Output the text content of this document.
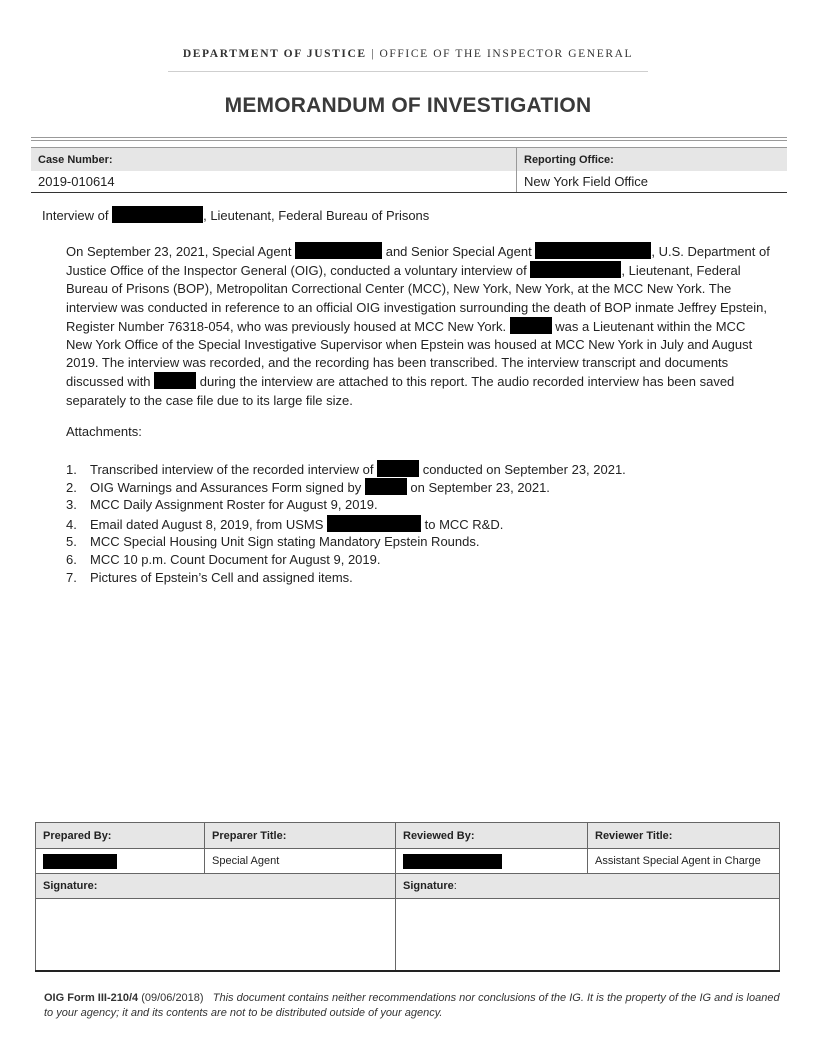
DEPARTMENT OF JUSTICE | OFFICE OF THE INSPECTOR GENERAL
MEMORANDUM OF INVESTIGATION
Case Number:	Reporting Office:
2019-010614	New York Field Office
Interview of	, Lieutenant, Federal Bureau of Prisons

On September 23, 2021, Special Agent	and Senior Special Agent	, U.S. Department of Justice Office of the Inspector General (OIG), conducted a voluntary interview of	, Lieutenant, Federal Bureau of Prisons (BOP), Metropolitan Correctional Center (MCC), New York, New York, at the MCC New York. The interview was conducted in reference to an official OIG investigation surrounding the death of BOP inmate Jeffrey Epstein, Register Number 76318-054, who was previously housed at MCC New York.	was a Lieutenant within the MCC New York Office of the Special Investigative Supervisor when Epstein was housed at MCC New York in July and August 2019. The interview was recorded, and the recording has been transcribed. The interview transcript and documents discussed with	during the interview are attached to this report. The audio recorded interview has been saved separately to the case file due to its large file size.

Attachments:
1. Transcribed interview of the recorded interview of	conducted on September 23, 2021.
2. OIG Warnings and Assurances Form signed by	on September 23, 2021.
3. MCC Daily Assignment Roster for August 9, 2019.
4. Email dated August 8, 2019, from USMS	to MCC R&D.
5. MCC Special Housing Unit Sign stating Mandatory Epstein Rounds.
6. MCC 10 p.m. Count Document for August 9, 2019.
7. Pictures of Epstein’s Cell and assigned items.
Prepared By:	Preparer Title:	Reviewed By:	Reviewer Title:
	Special Agent		Assistant Special Agent in Charge
Signature:		Signature:	

OIG Form III-210/4 (09/06/2018) This document contains neither recommendations nor conclusions of the IG. It is the property of the IG and is loaned to your agency; it and its contents are not to be distributed outside of your agency.
